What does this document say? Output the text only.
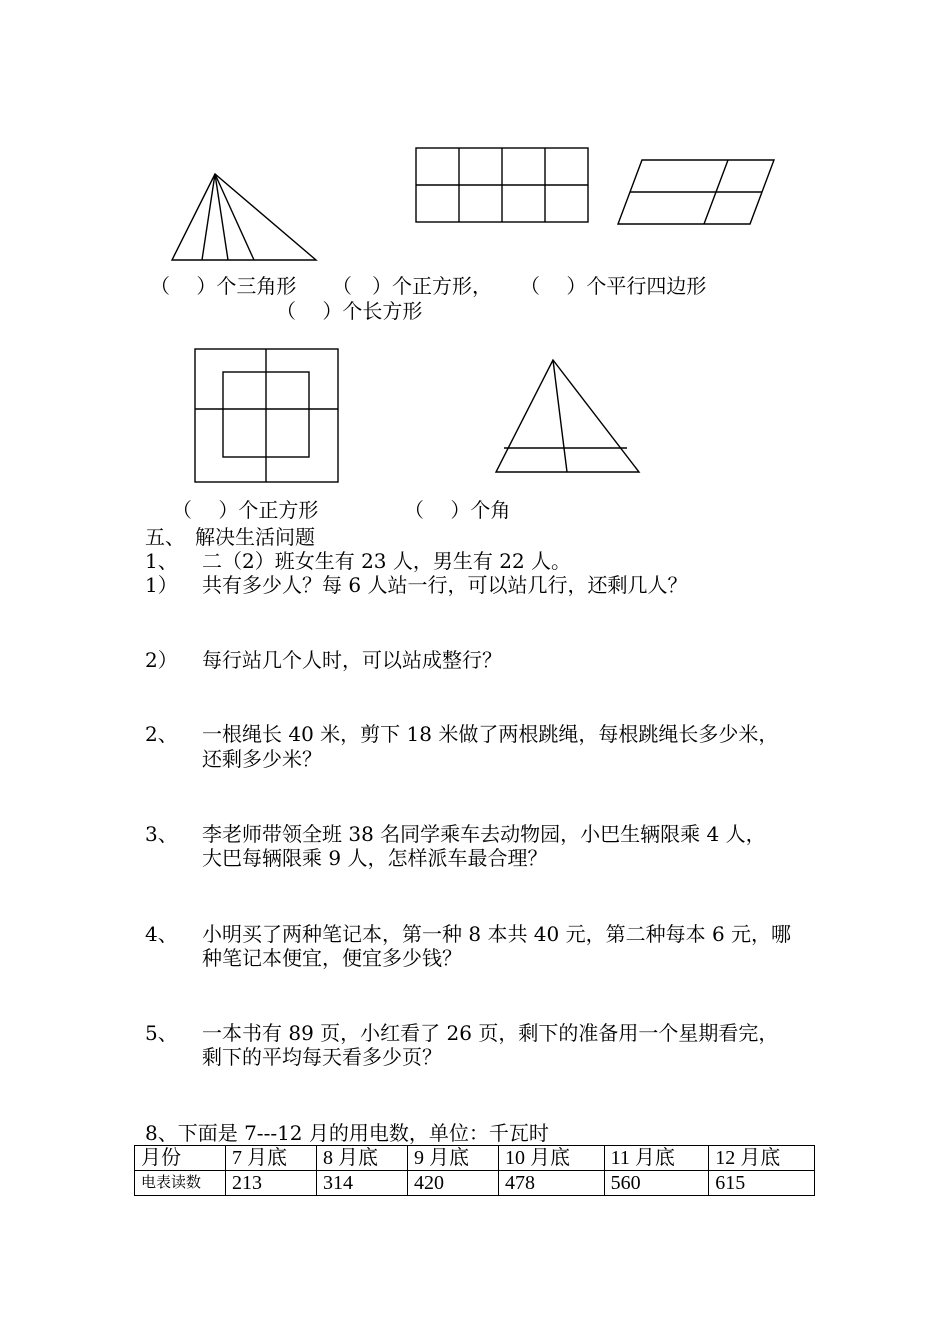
（　 ）个三角形 （　）个正方形， （　 ）个平行四边形
（　 ）个长方形
（　 ）个正方形	（　 ）个角
五、　解决生活问题
1、 二（2）班女生有 23 人，男生有 22 人。
1） 共有多少人？每 6 人站一行，可以站几行，还剩几人？
2） 每行站几个人时，可以站成整行？
2、 一根绳长 40 米，剪下 18 米做了两根跳绳，每根跳绳长多少米，
还剩多少米？
3、 李老师带领全班 38 名同学乘车去动物园，小巴生辆限乘 4 人，
大巴每辆限乘 9 人，怎样派车最合理？
4、 小明买了两种笔记本，第一种 8 本共 40 元，第二种每本 6 元，哪
种笔记本便宜，便宜多少钱？
5、 一本书有 89 页，小红看了 26 页，剩下的准备用一个星期看完，
剩下的平均每天看多少页？
8、下面是 7---12 月的用电数，单位：千瓦时
月份	7 月底	8 月底	9 月底	10 月底	11 月底	12 月底
电表读数	213	314	420	478	560	615
